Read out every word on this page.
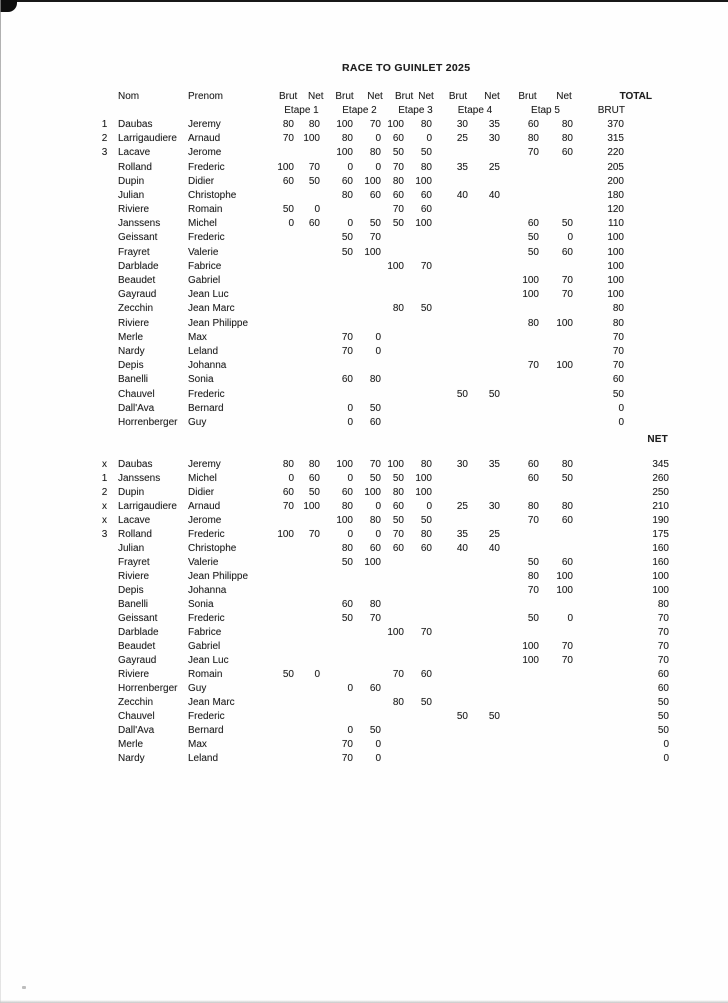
RACE TO GUINLET 2025
	Nom	Prenom	Brut	Net	Brut	Net	Brut	Net	Brut	Net	Brut	Net	TOTAL
			Etape 1		Etape 2		Etape 3		Etape 4		Etap 5		BRUT
1	Daubas	Jeremy	80	80	100	70	100	80	30	35	60	80	370
2	Larrigaudiere	Arnaud	70	100	80	0	60	0	25	30	80	80	315
3	Lacave	Jerome			100	80	50	50			70	60	220
	Rolland	Frederic	100	70	0	0	70	80	35	25			205
	Dupin	Didier	60	50	60	100	80	100					200
	Julian	Christophe			80	60	60	60	40	40			180
	Riviere	Romain	50	0			70	60					120
	Janssens	Michel	0	60	0	50	50	100			60	50	110
	Geissant	Frederic			50	70					50	0	100
	Frayret	Valerie			50	100					50	60	100
	Darblade	Fabrice					100	70					100
	Beaudet	Gabriel									100	70	100
	Gayraud	Jean Luc									100	70	100
	Zecchin	Jean Marc					80	50					80
	Riviere	Jean Philippe									80	100	80
	Merle	Max			70	0							70
	Nardy	Leland			70	0							70
	Depis	Johanna									70	100	70
	Banelli	Sonia			60	80							60
	Chauvel	Frederic							50	50			50
	Dall'Ava	Bernard			0	50							0
	Horrenberger	Guy			0	60							0
NET
x	Daubas	Jeremy	80	80	100	70	100	80	30	35	60	80	345
1	Janssens	Michel	0	60	0	50	50	100			60	50	260
2	Dupin	Didier	60	50	60	100	80	100					250
x	Larrigaudiere	Arnaud	70	100	80	0	60	0	25	30	80	80	210
x	Lacave	Jerome			100	80	50	50			70	60	190
3	Rolland	Frederic	100	70	0	0	70	80	35	25			175
	Julian	Christophe			80	60	60	60	40	40			160
	Frayret	Valerie			50	100					50	60	160
	Riviere	Jean Philippe									80	100	100
	Depis	Johanna									70	100	100
	Banelli	Sonia			60	80							80
	Geissant	Frederic			50	70					50	0	70
	Darblade	Fabrice					100	70					70
	Beaudet	Gabriel									100	70	70
	Gayraud	Jean Luc									100	70	70
	Riviere	Romain	50	0			70	60					60
	Horrenberger	Guy			0	60							60
	Zecchin	Jean Marc					80	50					50
	Chauvel	Frederic							50	50			50
	Dall'Ava	Bernard			0	50							50
	Merle	Max			70	0							0
	Nardy	Leland			70	0							0
